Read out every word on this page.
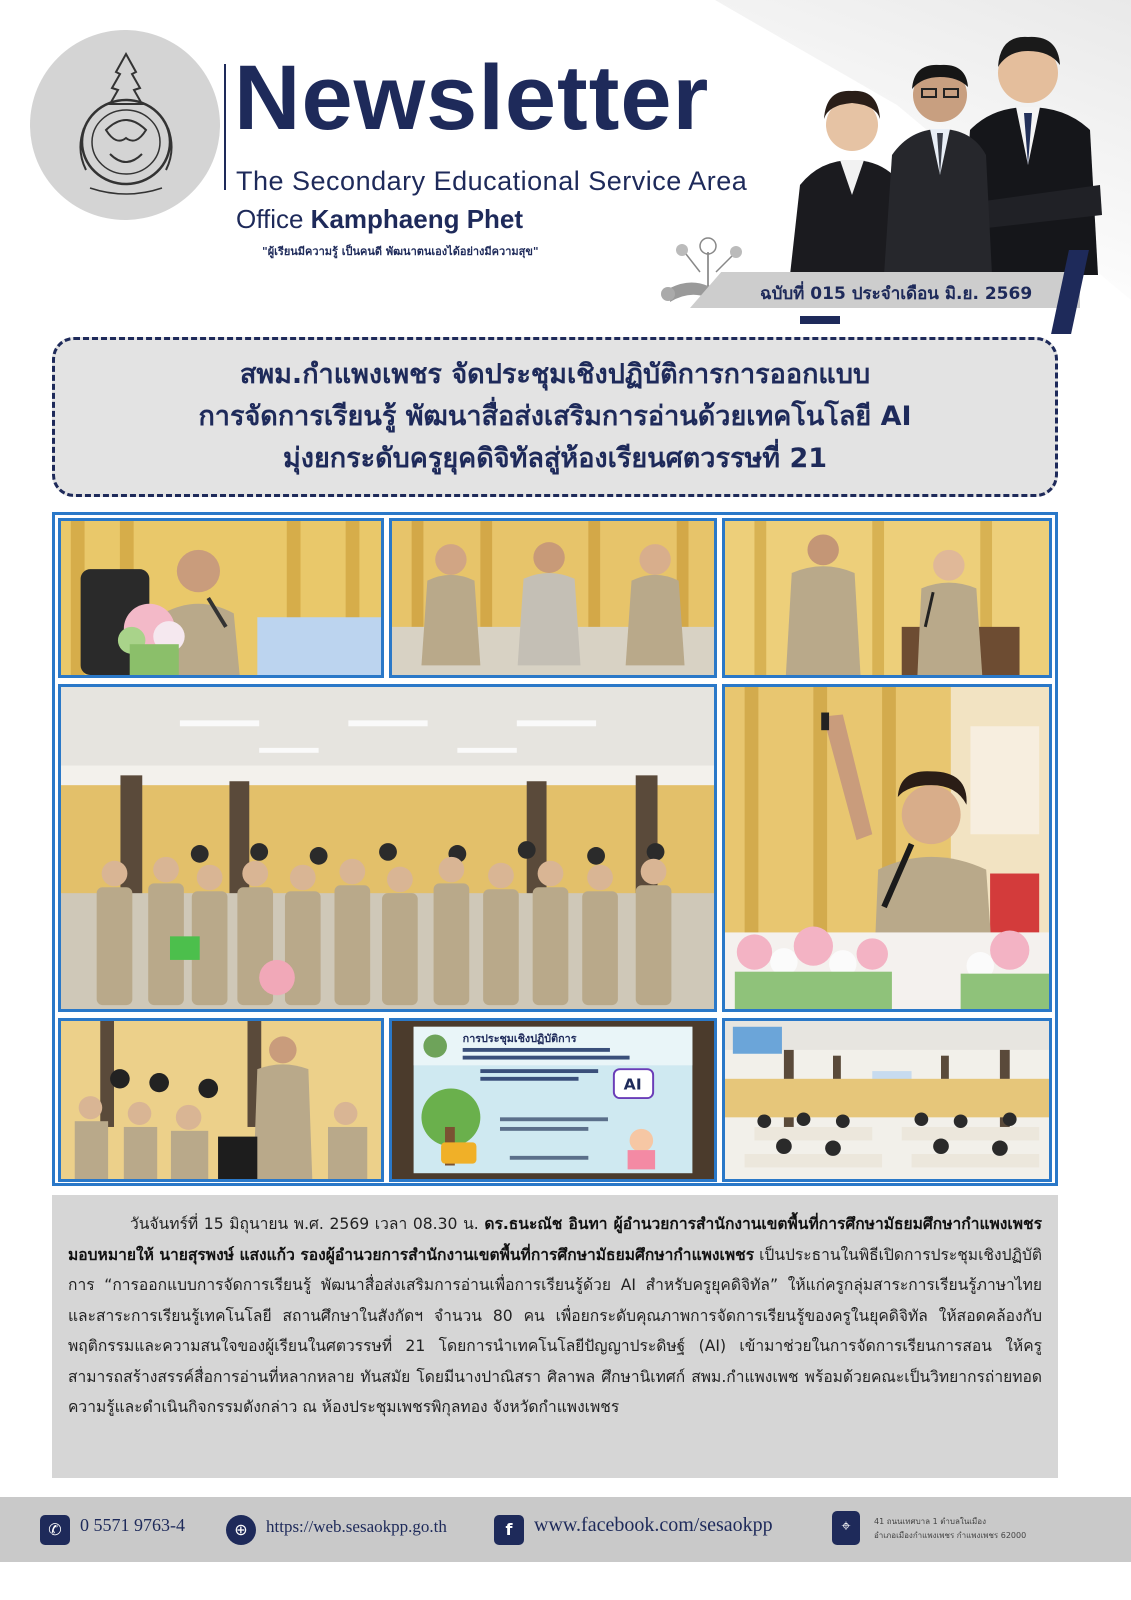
Newsletter
The Secondary Educational Service Area
Office Kamphaeng Phet
"ผู้เรียนมีความรู้ เป็นคนดี พัฒนาตนเองได้อย่างมีความสุข"
ฉบับที่ 015 ประจำเดือน มิ.ย. 2569
สพม.กำแพงเพชร จัดประชุมเชิงปฏิบัติการการออกแบบ
การจัดการเรียนรู้ พัฒนาสื่อส่งเสริมการอ่านด้วยเทคโนโลยี AI
มุ่งยกระดับครูยุคดิจิทัลสู่ห้องเรียนศตวรรษที่ 21
การประชุมเชิงปฏิบัติการ
AI

วันจันทร์ที่ 15 มิถุนายน พ.ศ. 2569 เวลา 08.30 น. ดร.ธนะณัช อินทา ผู้อำนวยการสำนักงานเขตพื้นที่การศึกษามัธยมศึกษากำแพงเพชร มอบหมายให้ นายสุรพงษ์ แสงแก้ว รองผู้อำนวยการสำนักงานเขตพื้นที่การศึกษามัธยมศึกษากำแพงเพชร เป็นประธานในพิธีเปิดการประชุมเชิงปฏิบัติการ “การออกแบบการจัดการเรียนรู้ พัฒนาสื่อส่งเสริมการอ่านเพื่อการเรียนรู้ด้วย AI สำหรับครูยุคดิจิทัล” ให้แก่ครูกลุ่มสาระการเรียนรู้ภาษาไทย และสาระการเรียนรู้เทคโนโลยี สถานศึกษาในสังกัดฯ จำนวน 80 คน เพื่อยกระดับคุณภาพการจัดการเรียนรู้ของครูในยุคดิจิทัล ให้สอดคล้องกับพฤติกรรมและความสนใจของผู้เรียนในศตวรรษที่ 21 โดยการนำเทคโนโลยีปัญญาประดิษฐ์ (AI) เข้ามาช่วยในการจัดการเรียนการสอน ให้ครูสามารถสร้างสรรค์สื่อการอ่านที่หลากหลาย ทันสมัย โดยมีนางปาณิสรา ศิลาพล ศึกษานิเทศก์ สพม.กำแพงเพช พร้อมด้วยคณะเป็นวิทยากรถ่ายทอดความรู้และดำเนินกิจกรรมดังกล่าว ณ ห้องประชุมเพชรพิกุลทอง จังหวัดกำแพงเพชร

✆	0 5571 9763-4	⊕	https://web.sesaokpp.go.th	f	www.facebook.com/sesaokpp	⌖	41 ถนนเทศบาล 1 ตำบลในเมือง
อำเภอเมืองกำแพงเพชร กำแพงเพชร 62000
